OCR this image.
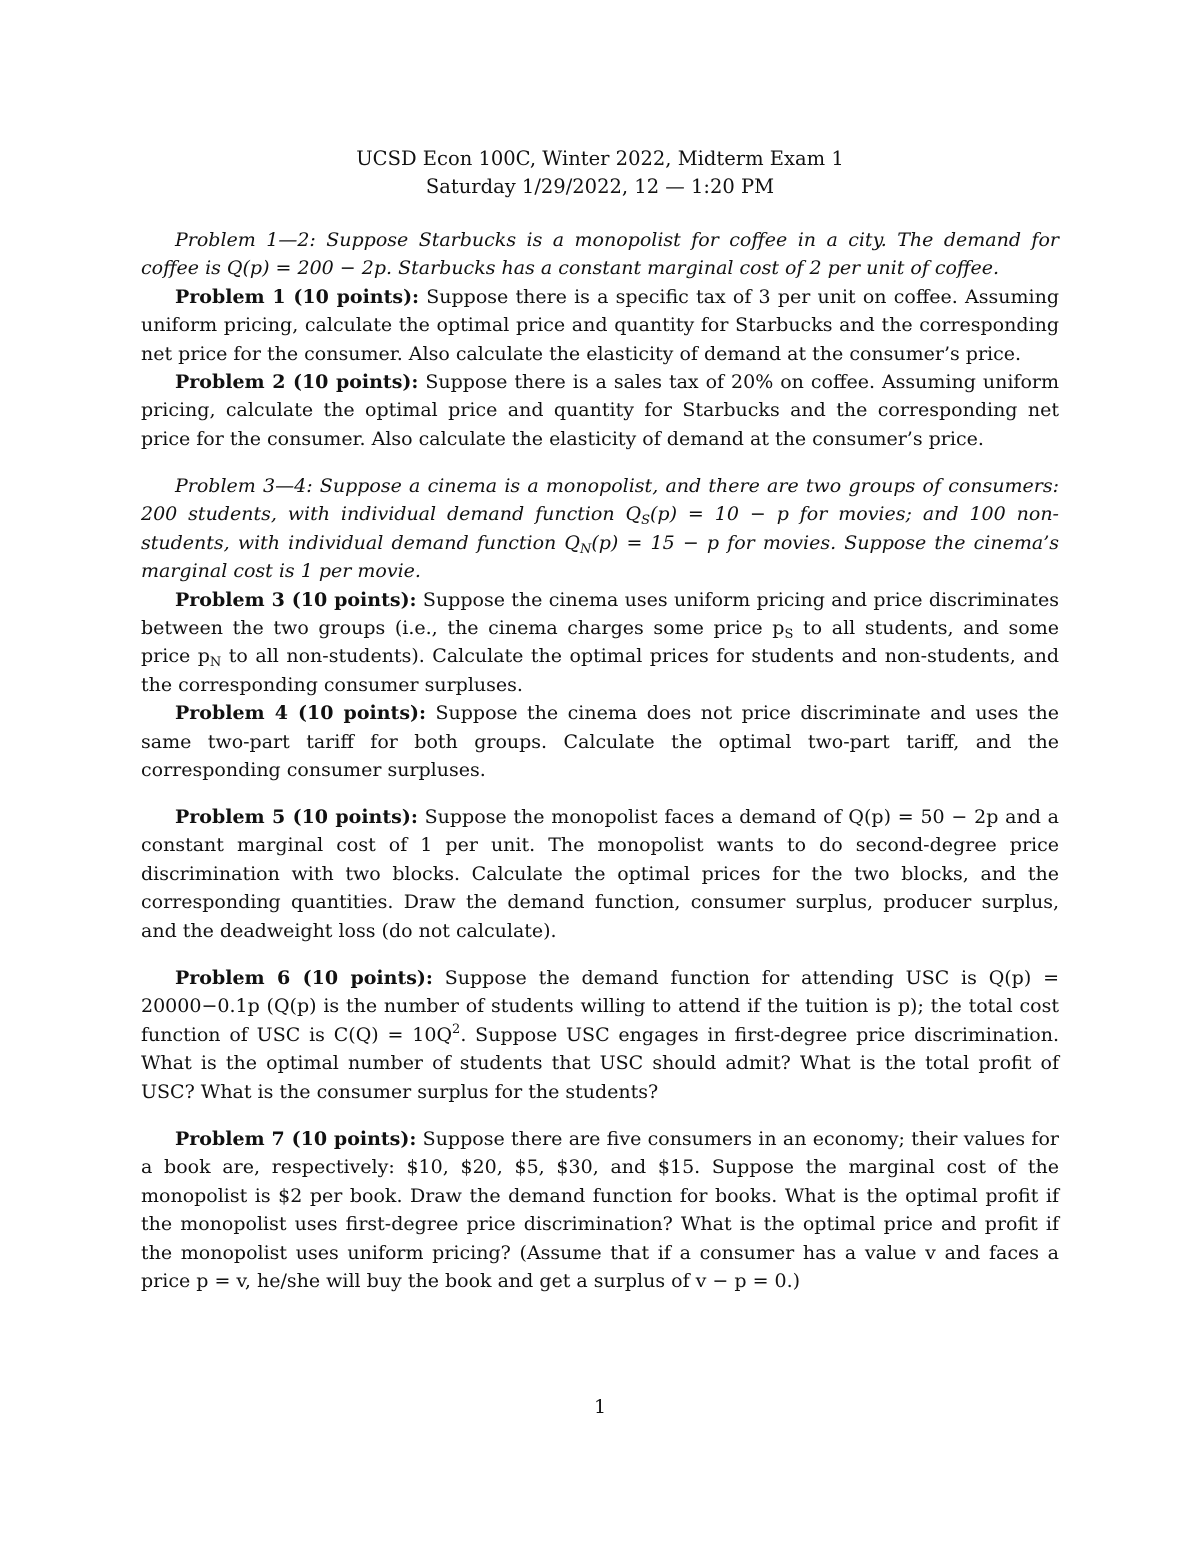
UCSD Econ 100C, Winter 2022, Midterm Exam 1
Saturday 1/29/2022, 12 — 1:20 PM

Problem 1—2: Suppose Starbucks is a monopolist for coffee in a city. The demand for coffee is Q(p) = 200 − 2p. Starbucks has a constant marginal cost of 2 per unit of coffee.

Problem 1 (10 points): Suppose there is a specific tax of 3 per unit on coffee. Assuming uniform pricing, calculate the optimal price and quantity for Starbucks and the corresponding net price for the consumer. Also calculate the elasticity of demand at the consumer’s price.

Problem 2 (10 points): Suppose there is a sales tax of 20% on coffee. Assuming uniform pricing, calculate the optimal price and quantity for Starbucks and the corresponding net price for the consumer. Also calculate the elasticity of demand at the consumer’s price.

Problem 3—4: Suppose a cinema is a monopolist, and there are two groups of consumers: 200 students, with individual demand function $Q_S(p) = 10 - p$ for movies; and 100 non-students, with individual demand function $Q_N(p) = 15 - p$ for movies. Suppose the cinema’s marginal cost is 1 per movie.

Problem 3 (10 points): Suppose the cinema uses uniform pricing and price discriminates between the two groups (i.e., the cinema charges some price $p_S$ to all students, and some price $p_N$ to all non-students). Calculate the optimal prices for students and non-students, and the corresponding consumer surpluses.

Problem 4 (10 points): Suppose the cinema does not price discriminate and uses the same two-part tariff for both groups. Calculate the optimal two-part tariff, and the corresponding consumer surpluses.

Problem 5 (10 points): Suppose the monopolist faces a demand of Q(p) = 50 − 2p and a constant marginal cost of 1 per unit. The monopolist wants to do second-degree price discrimination with two blocks. Calculate the optimal prices for the two blocks, and the corresponding quantities. Draw the demand function, consumer surplus, producer surplus, and the deadweight loss (do not calculate).

Problem 6 (10 points): Suppose the demand function for attending USC is Q(p) = 20000−0.1p (Q(p) is the number of students willing to attend if the tuition is p); the total cost function of USC is $C(Q) = 10Q^2$. Suppose USC engages in first-degree price discrimination. What is the optimal number of students that USC should admit? What is the total profit of USC? What is the consumer surplus for the students?

Problem 7 (10 points): Suppose there are five consumers in an economy; their values for a book are, respectively: $10, $20, $5, $30, and $15. Suppose the marginal cost of the monopolist is $2 per book. Draw the demand function for books. What is the optimal profit if the monopolist uses first-degree price discrimination? What is the optimal price and profit if the monopolist uses uniform pricing? (Assume that if a consumer has a value v and faces a price p = v, he/she will buy the book and get a surplus of v − p = 0.)

1
